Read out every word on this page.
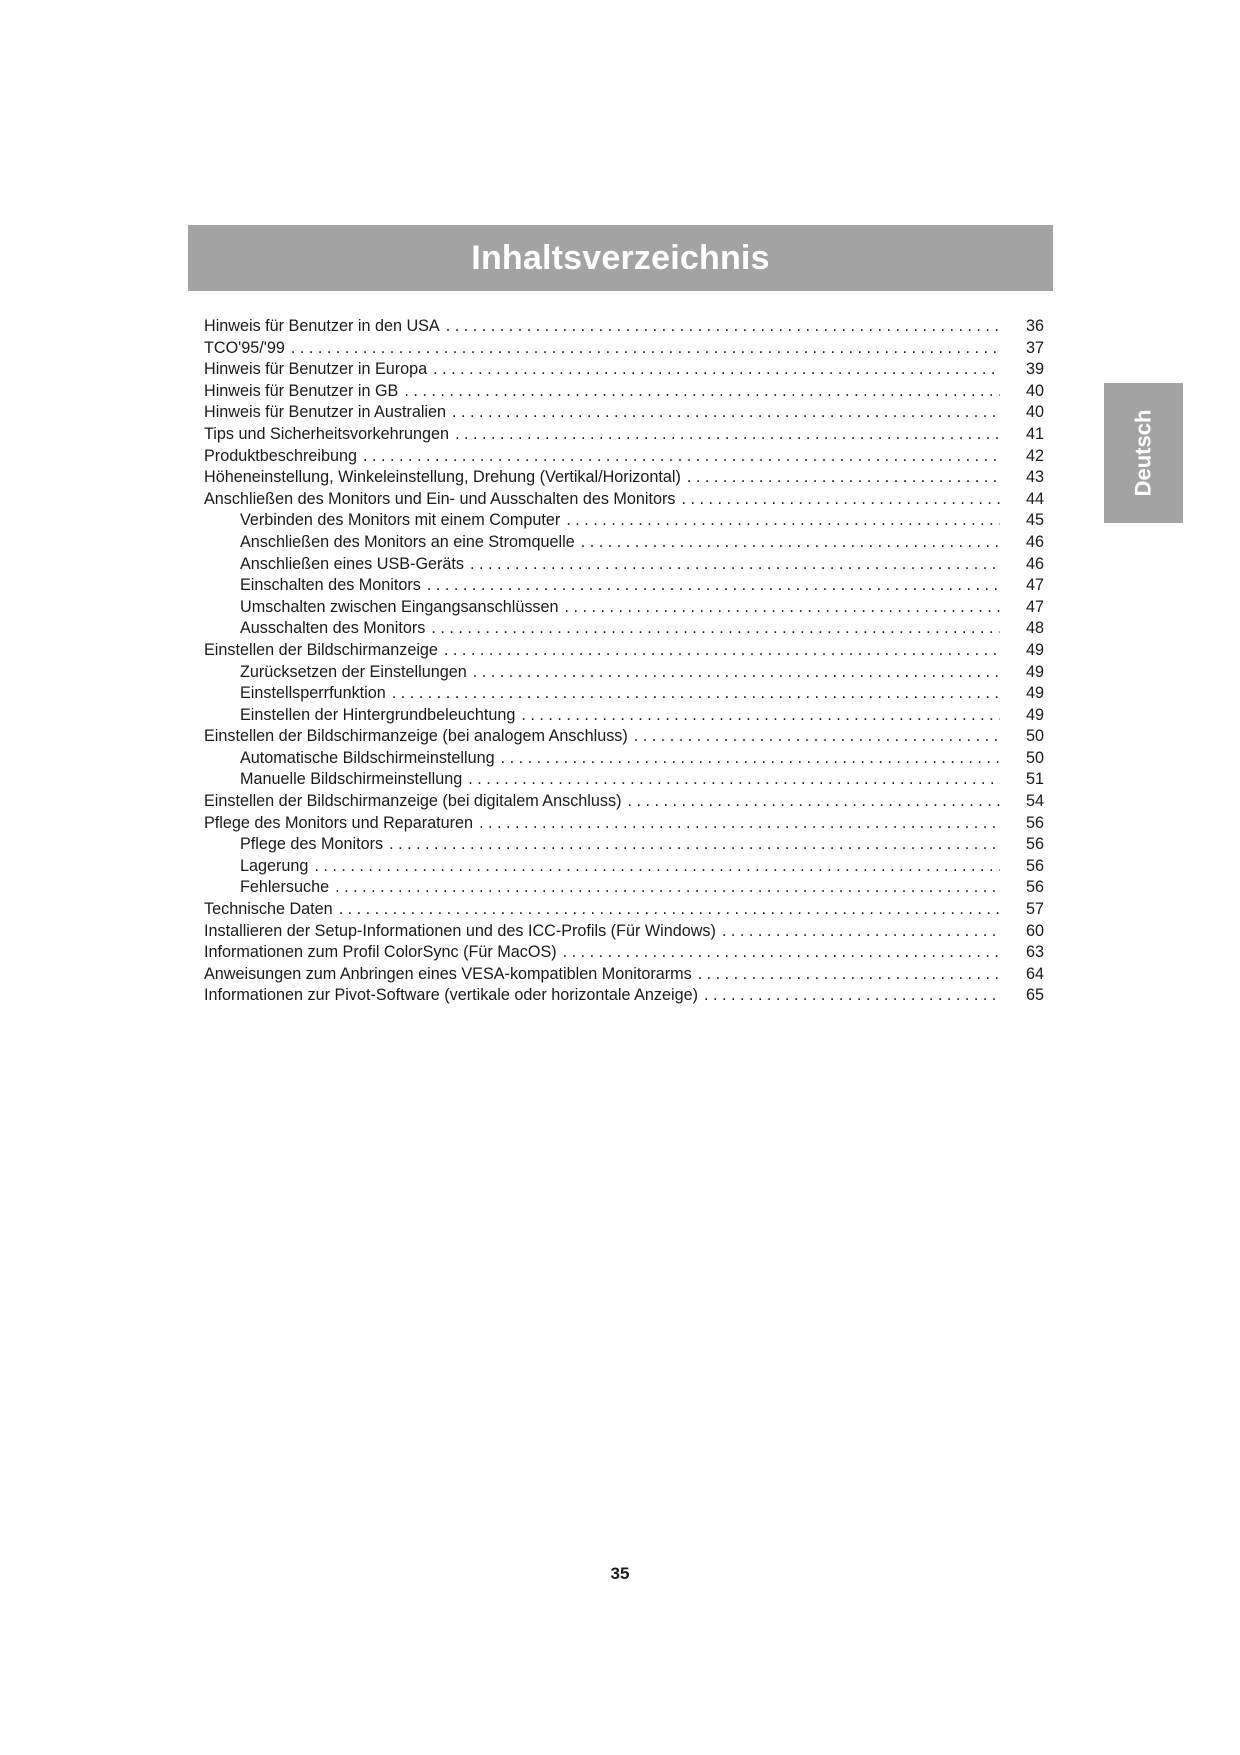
Inhaltsverzeichnis
Deutsch
Hinweis für Benutzer in den USA . . .	36
TCO'95/'99 . . .	37
Hinweis für Benutzer in Europa . . .	39
Hinweis für Benutzer in GB . . .	40
Hinweis für Benutzer in Australien . . .	40
Tips und Sicherheitsvorkehrungen . . .	41
Produktbeschreibung . . .	42
Höheneinstellung, Winkeleinstellung, Drehung (Vertikal/Horizontal) . . .	43
Anschließen des Monitors und Ein- und Ausschalten des Monitors . . .	44
Verbinden des Monitors mit einem Computer . . .	45
Anschließen des Monitors an eine Stromquelle . . .	46
Anschließen eines USB-Geräts . . .	46
Einschalten des Monitors . . .	47
Umschalten zwischen Eingangsanschlüssen . . .	47
Ausschalten des Monitors . . .	48
Einstellen der Bildschirmanzeige . . .	49
Zurücksetzen der Einstellungen . . .	49
Einstellsperrfunktion . . .	49
Einstellen der Hintergrundbeleuchtung . . .	49
Einstellen der Bildschirmanzeige (bei analogem Anschluss) . . .	50
Automatische Bildschirmeinstellung . . .	50
Manuelle Bildschirmeinstellung . . .	51
Einstellen der Bildschirmanzeige (bei digitalem Anschluss) . . .	54
Pflege des Monitors und Reparaturen . . .	56
Pflege des Monitors . . .	56
Lagerung . . .	56
Fehlersuche . . .	56
Technische Daten . . .	57
Installieren der Setup-Informationen und des ICC-Profils (Für Windows) . . .	60
Informationen zum Profil ColorSync (Für MacOS) . . .	63
Anweisungen zum Anbringen eines VESA-kompatiblen Monitorarms . . .	64
Informationen zur Pivot-Software (vertikale oder horizontale Anzeige) . . .	65
35
